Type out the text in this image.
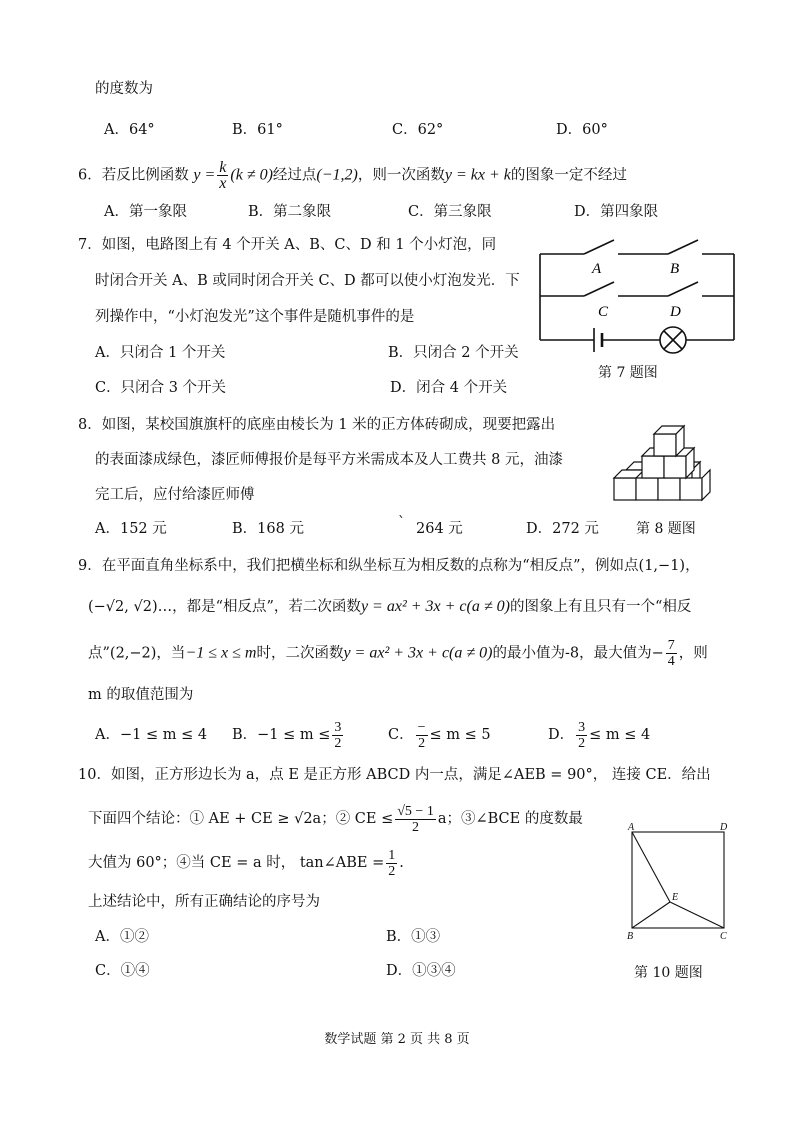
的度数为
A．64°	B．61°	C．62°	D．60°
6．若反比例函数 $y = \frac{k}{x} (k \ne 0)$经过点(−1,2)，则一次函数y = kx + k的图象一定不经过
A．第一象限	B．第二象限	C．第三象限	D．第四象限
7．如图，电路图上有 4 个开关 A、B、C、D 和 1 个小灯泡，同
时闭合开关 A、B 或同时闭合开关 C、D 都可以使小灯泡发光．下
列操作中，“小灯泡发光”这个事件是随机事件的是
A．只闭合 1 个开关	B．只闭合 2 个开关
C．只闭合 3 个开关	D．闭合 4 个开关
A	B
C	D
第 7 题图
8．如图，某校国旗旗杆的底座由棱长为 1 米的正方体砖砌成，现要把露出
的表面漆成绿色，漆匠师傅报价是每平方米需成本及人工费共 8 元，油漆
完工后，应付给漆匠师傅
A．152 元	B．168 元	` 264 元	D．272 元	第 8 题图
9．在平面直角坐标系中，我们把横坐标和纵坐标互为相反数的点称为“相反点”，例如点(1,−1)，
(−√2, √2)…，都是“相反点”，若二次函数y = ax² + 3x + c(a ≠ 0)的图象上有且只有一个“相反
点”(2,−2)，当−1 ≤ x ≤ m时，二次函数y = ax² + 3x + c(a ≠ 0)的最小值为-8，最大值为− $\frac{7}{4}$ ，则
m 的取值范围为
A．−1 ≤ m ≤ 4 B．$-1 \le m \le \frac{3}{2}$	C． $\frac{-}{2} \le m \le 5$	D． $\frac{3}{2} \le m \le 4$
10．如图，正方形边长为 a，点 E 是正方形 ABCD 内一点，满足∠AEB = 90°， 连接 CE．给出
下面四个结论：① AE + CE ≥ √2a；② CE ≤ $\frac{√5 - 1}{2}$ a；③∠BCE 的度数最
大值为 60°；④当 CE = a 时， tan∠ABE = $\frac{1}{2}$ .
上述结论中，所有正确结论的序号为
A．①②	B．①③
C．①④	D．①③④
A	D
B	C
E
第 10 题图
数学试题 第 2 页 共 8 页
